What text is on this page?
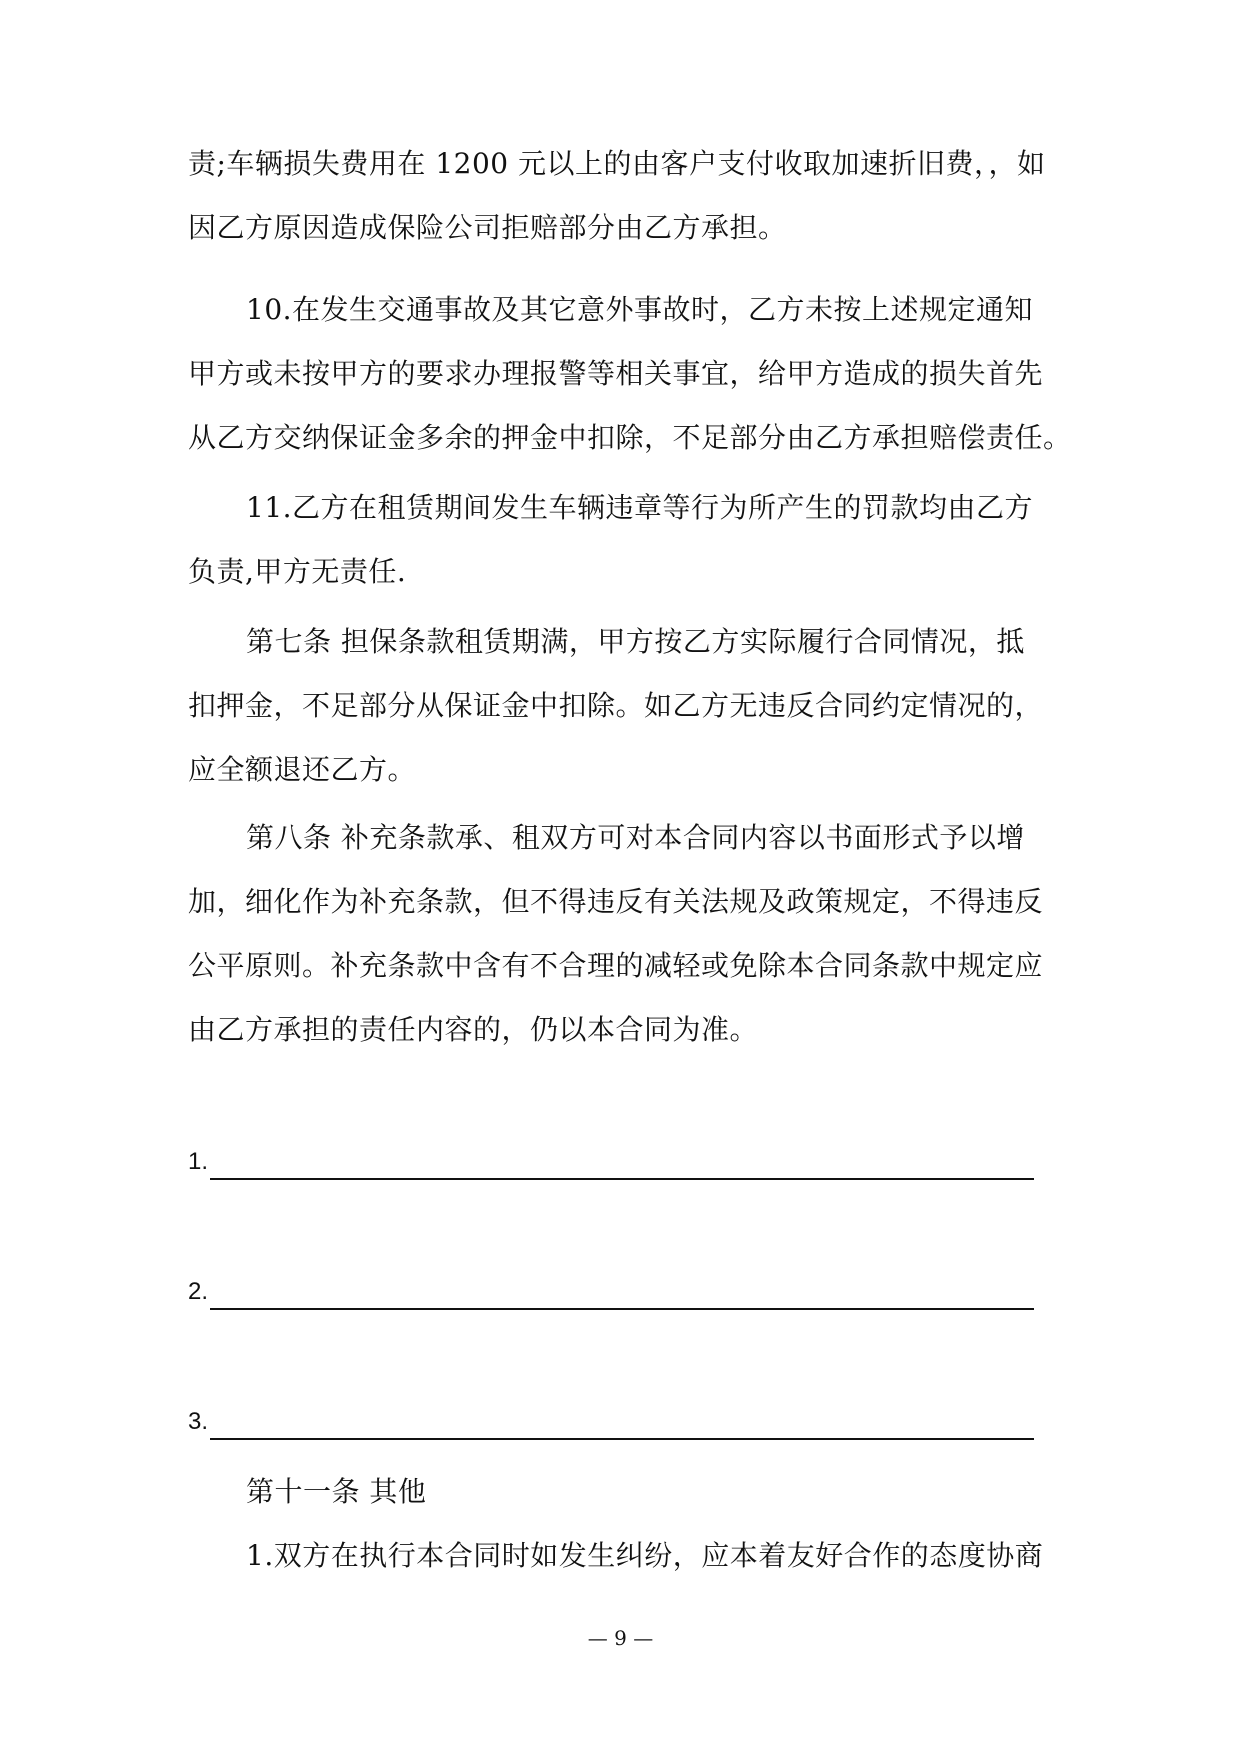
责;车辆损失费用在 1200 元以上的由客户支付收取加速折旧费，，如
因乙方原因造成保险公司拒赔部分由乙方承担。
10.在发生交通事故及其它意外事故时，乙方未按上述规定通知
甲方或未按甲方的要求办理报警等相关事宜，给甲方造成的损失首先
从乙方交纳保证金多余的押金中扣除，不足部分由乙方承担赔偿责任。
11.乙方在租赁期间发生车辆违章等行为所产生的罚款均由乙方
负责,甲方无责任.
第七条 担保条款租赁期满，甲方按乙方实际履行合同情况，抵
扣押金，不足部分从保证金中扣除。如乙方无违反合同约定情况的，
应全额退还乙方。
第八条 补充条款承、租双方可对本合同内容以书面形式予以增
加，细化作为补充条款，但不得违反有关法规及政策规定，不得违反
公平原则。补充条款中含有不合理的减轻或免除本合同条款中规定应
由乙方承担的责任内容的，仍以本合同为准。
1.
2.
3.
第十一条 其他
1.双方在执行本合同时如发生纠纷，应本着友好合作的态度协商
— 9 —
